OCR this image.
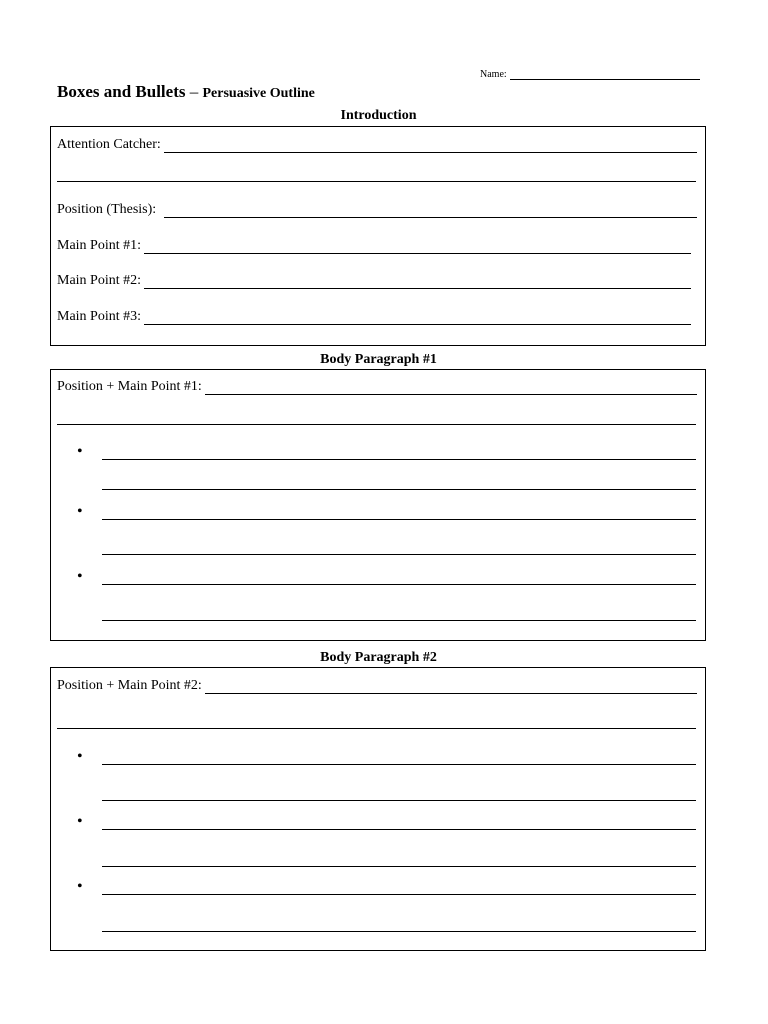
Name:
Boxes and Bullets – Persuasive Outline
Introduction
Attention Catcher:
Position (Thesis):
Main Point #1:
Main Point #2:
Main Point #3:
Body Paragraph #1
Position + Main Point #1:
•
•
•
Body Paragraph #2
Position + Main Point #2:
•
•
•
